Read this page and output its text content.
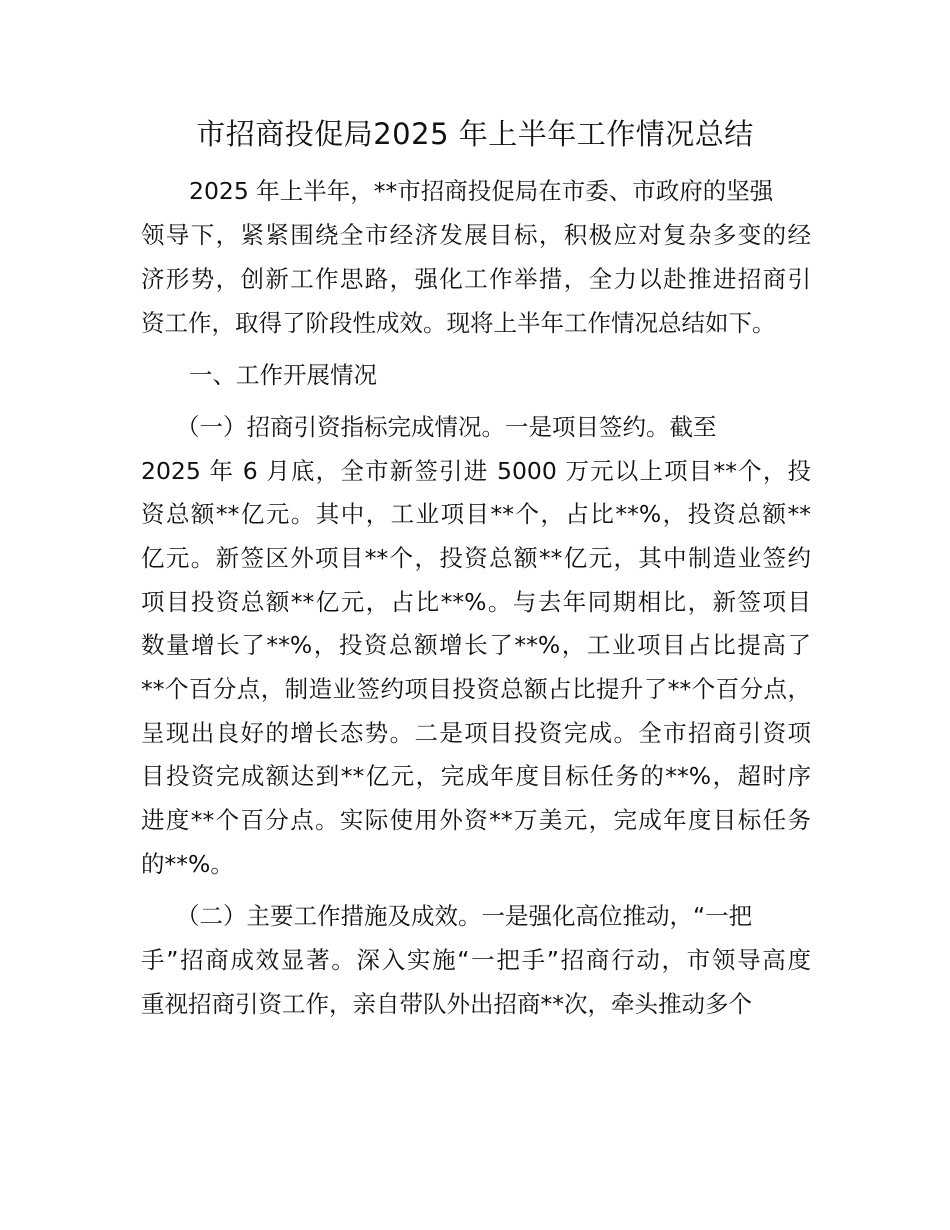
市招商投促局2025 年上半年工作情况总结
2025 年上半年，**市招商投促局在市委、市政府的坚强
领导下，紧紧围绕全市经济发展目标，积极应对复杂多变的经
济形势，创新工作思路，强化工作举措，全力以赴推进招商引
资工作，取得了阶段性成效。现将上半年工作情况总结如下。
一、工作开展情况
（一）招商引资指标完成情况。一是项目签约。截至
2025 年 6 月底，全市新签引进 5000 万元以上项目**个，投
资总额**亿元。其中，工业项目**个，占比**%，投资总额**
亿元。新签区外项目**个，投资总额**亿元，其中制造业签约
项目投资总额**亿元，占比**%。与去年同期相比，新签项目
数量增长了**%，投资总额增长了**%，工业项目占比提高了
**个百分点，制造业签约项目投资总额占比提升了**个百分点，
呈现出良好的增长态势。二是项目投资完成。全市招商引资项
目投资完成额达到**亿元，完成年度目标任务的**%，超时序
进度**个百分点。实际使用外资**万美元，完成年度目标任务
的**%。
（二）主要工作措施及成效。一是强化高位推动，“一把
手”招商成效显著。深入实施“一把手”招商行动，市领导高度
重视招商引资工作，亲自带队外出招商**次，牵头推动多个
